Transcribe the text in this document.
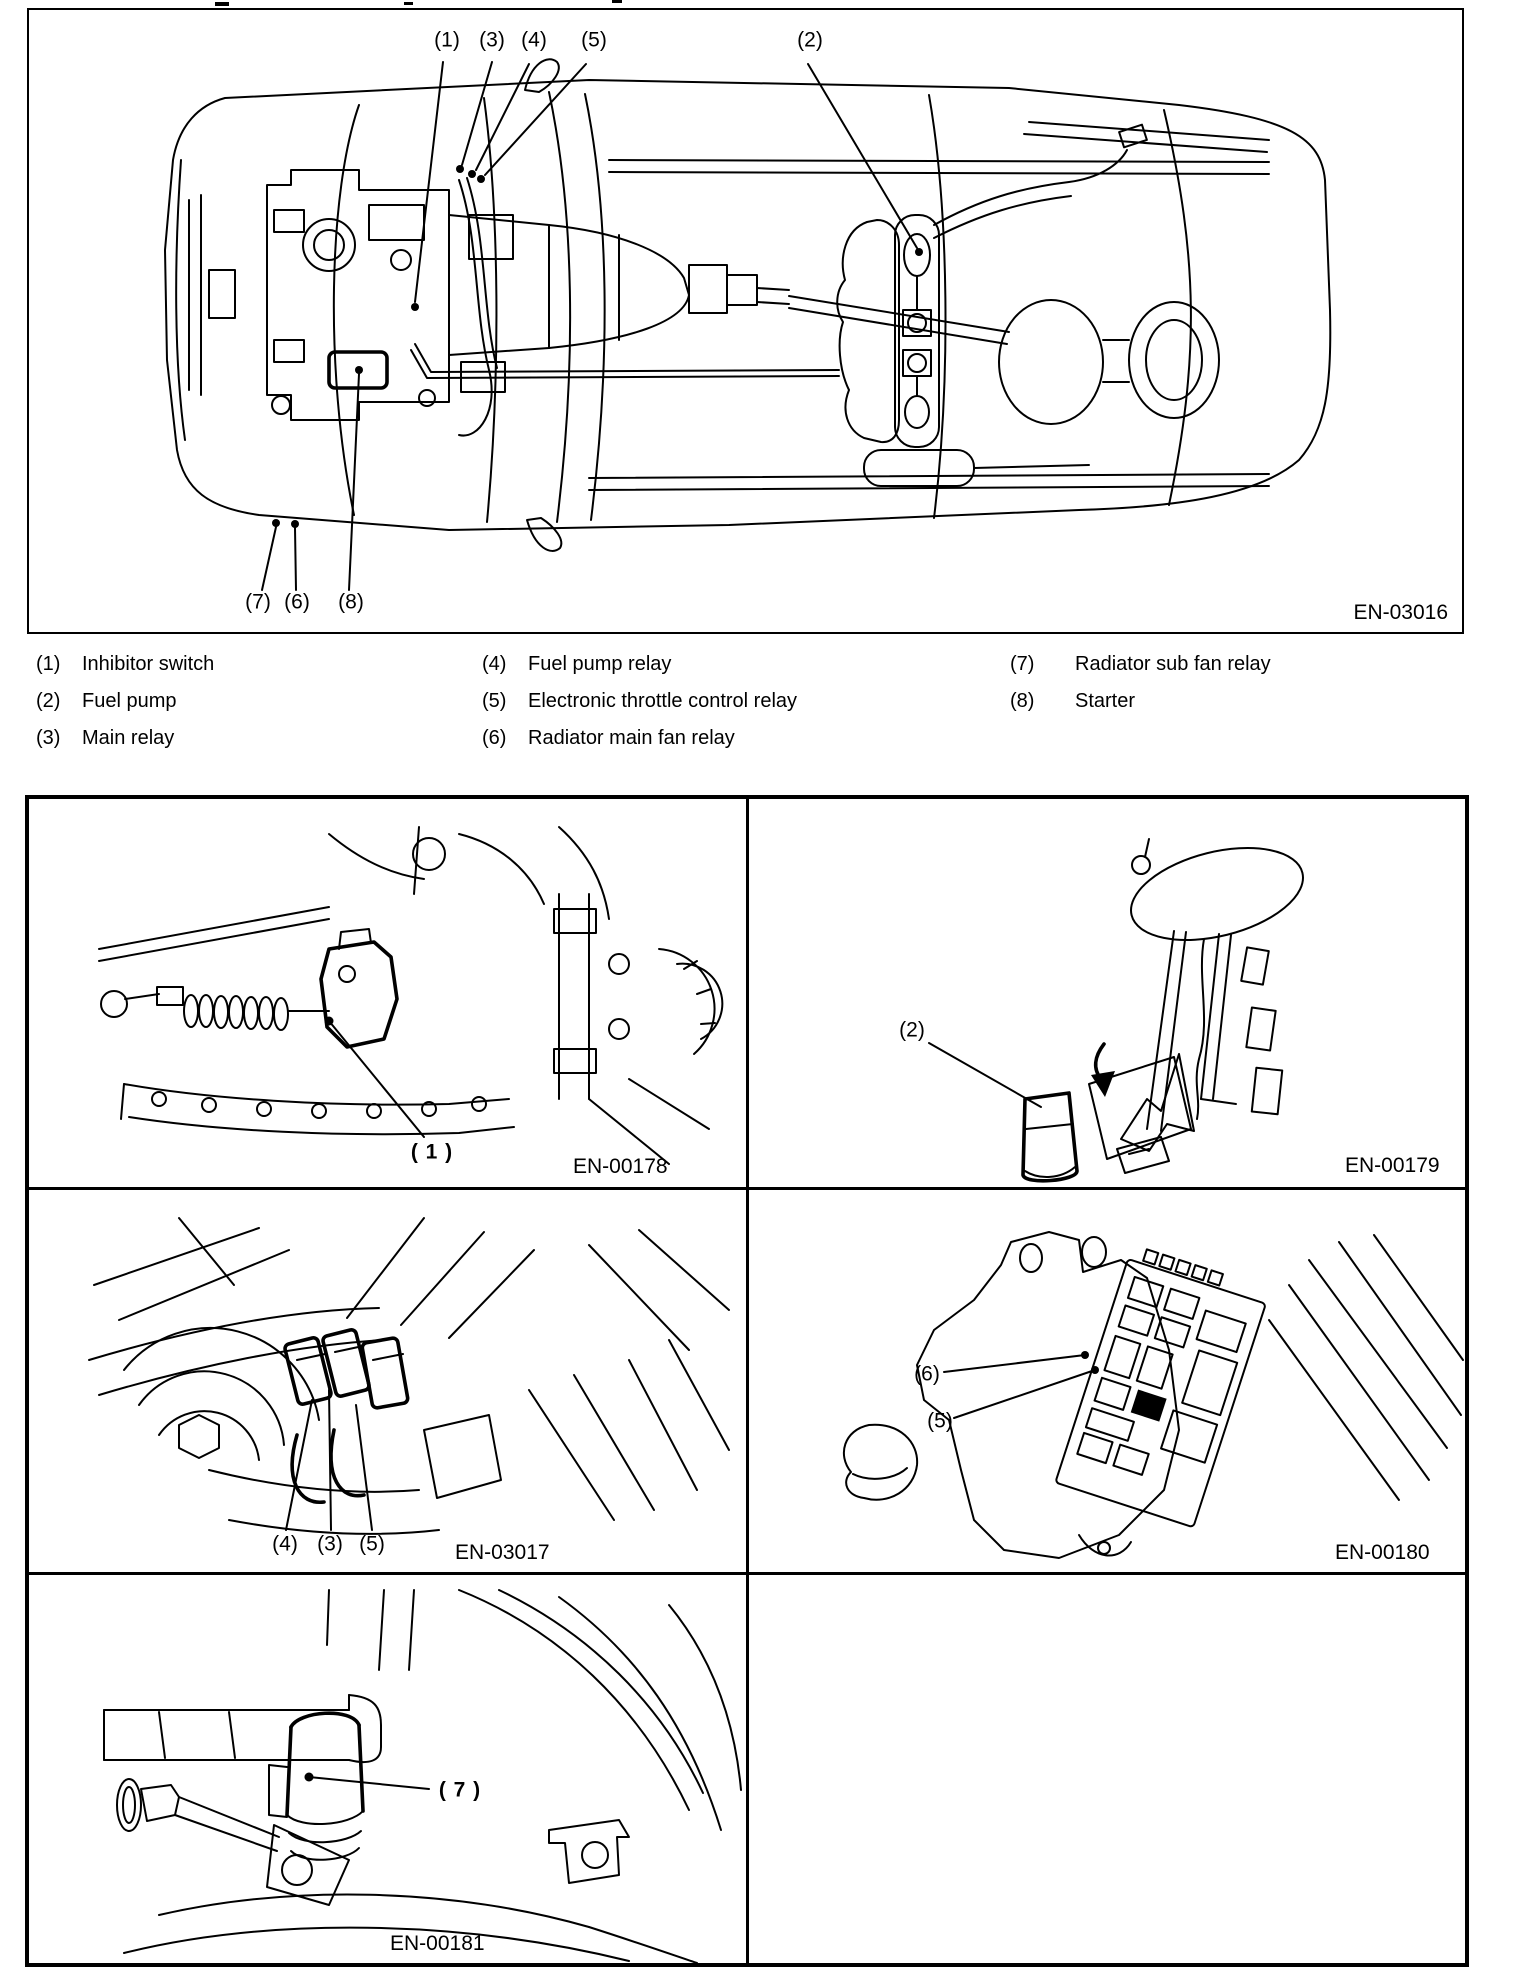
(1) (3) (4) (5)	(2)
(7) (6) (8)	EN-03016
(1) Inhibitor switch
(2) Fuel pump
(3) Main relay
(4) Fuel pump relay
(5) Electronic throttle control relay
(6) Radiator main fan relay
(7) Radiator sub fan relay
(8) Starter
( 1 )
EN-00178
(2)
EN-00179
(4) (3) (5)	EN-03017
(6)
(5)
EN-00180
( 7 )
EN-00181
